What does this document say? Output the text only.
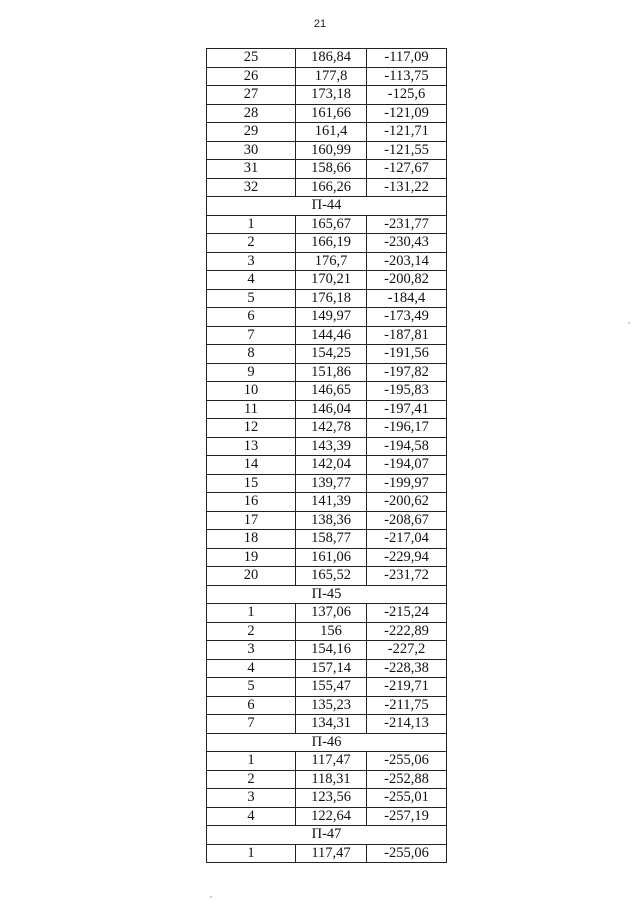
21
25	186,84	-117,09
26	177,8	-113,75
27	173,18	-125,6
28	161,66	-121,09
29	161,4	-121,71
30	160,99	-121,55
31	158,66	-127,67
32	166,26	-131,22
П-44		
1	165,67	-231,77
2	166,19	-230,43
3	176,7	-203,14
4	170,21	-200,82
5	176,18	-184,4
6	149,97	-173,49
7	144,46	-187,81
8	154,25	-191,56
9	151,86	-197,82
10	146,65	-195,83
11	146,04	-197,41
12	142,78	-196,17
13	143,39	-194,58
14	142,04	-194,07
15	139,77	-199,97
16	141,39	-200,62
17	138,36	-208,67
18	158,77	-217,04
19	161,06	-229,94
20	165,52	-231,72
П-45		
1	137,06	-215,24
2	156	-222,89
3	154,16	-227,2
4	157,14	-228,38
5	155,47	-219,71
6	135,23	-211,75
7	134,31	-214,13
П-46		
1	117,47	-255,06
2	118,31	-252,88
3	123,56	-255,01
4	122,64	-257,19
П-47		
1	117,47	-255,06
